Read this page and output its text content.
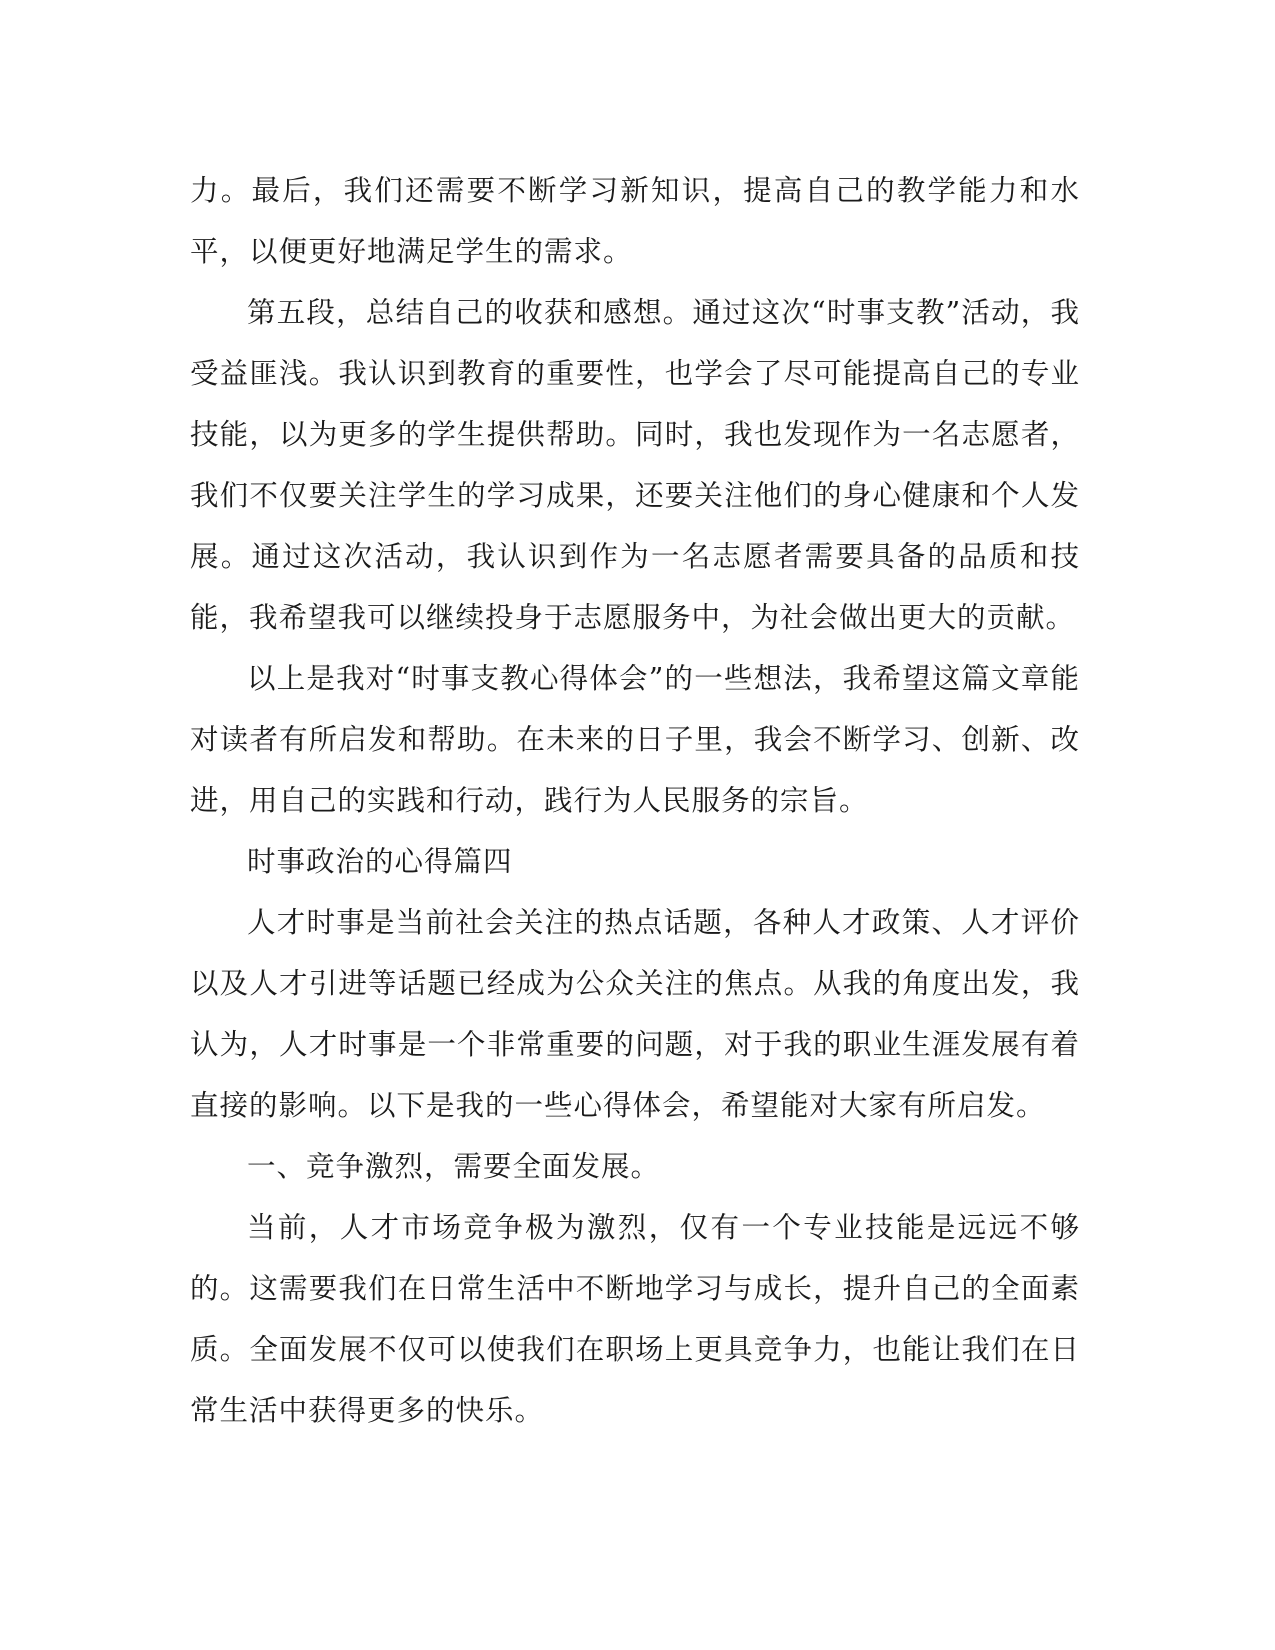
力。最后，我们还需要不断学习新知识，提高自己的教学能力和水平，以便更好地满足学生的需求。

第五段，总结自己的收获和感想。通过这次“时事支教”活动，我受益匪浅。我认识到教育的重要性，也学会了尽可能提高自己的专业技能，以为更多的学生提供帮助。同时，我也发现作为一名志愿者，我们不仅要关注学生的学习成果，还要关注他们的身心健康和个人发展。通过这次活动，我认识到作为一名志愿者需要具备的品质和技能，我希望我可以继续投身于志愿服务中，为社会做出更大的贡献。

以上是我对“时事支教心得体会”的一些想法，我希望这篇文章能对读者有所启发和帮助。在未来的日子里，我会不断学习、创新、改进，用自己的实践和行动，践行为人民服务的宗旨。

时事政治的心得篇四

人才时事是当前社会关注的热点话题，各种人才政策、人才评价以及人才引进等话题已经成为公众关注的焦点。从我的角度出发，我认为，人才时事是一个非常重要的问题，对于我的职业生涯发展有着直接的影响。以下是我的一些心得体会，希望能对大家有所启发。

一、竞争激烈，需要全面发展。

当前，人才市场竞争极为激烈，仅有一个专业技能是远远不够的。这需要我们在日常生活中不断地学习与成长，提升自己的全面素质。全面发展不仅可以使我们在职场上更具竞争力，也能让我们在日常生活中获得更多的快乐。
